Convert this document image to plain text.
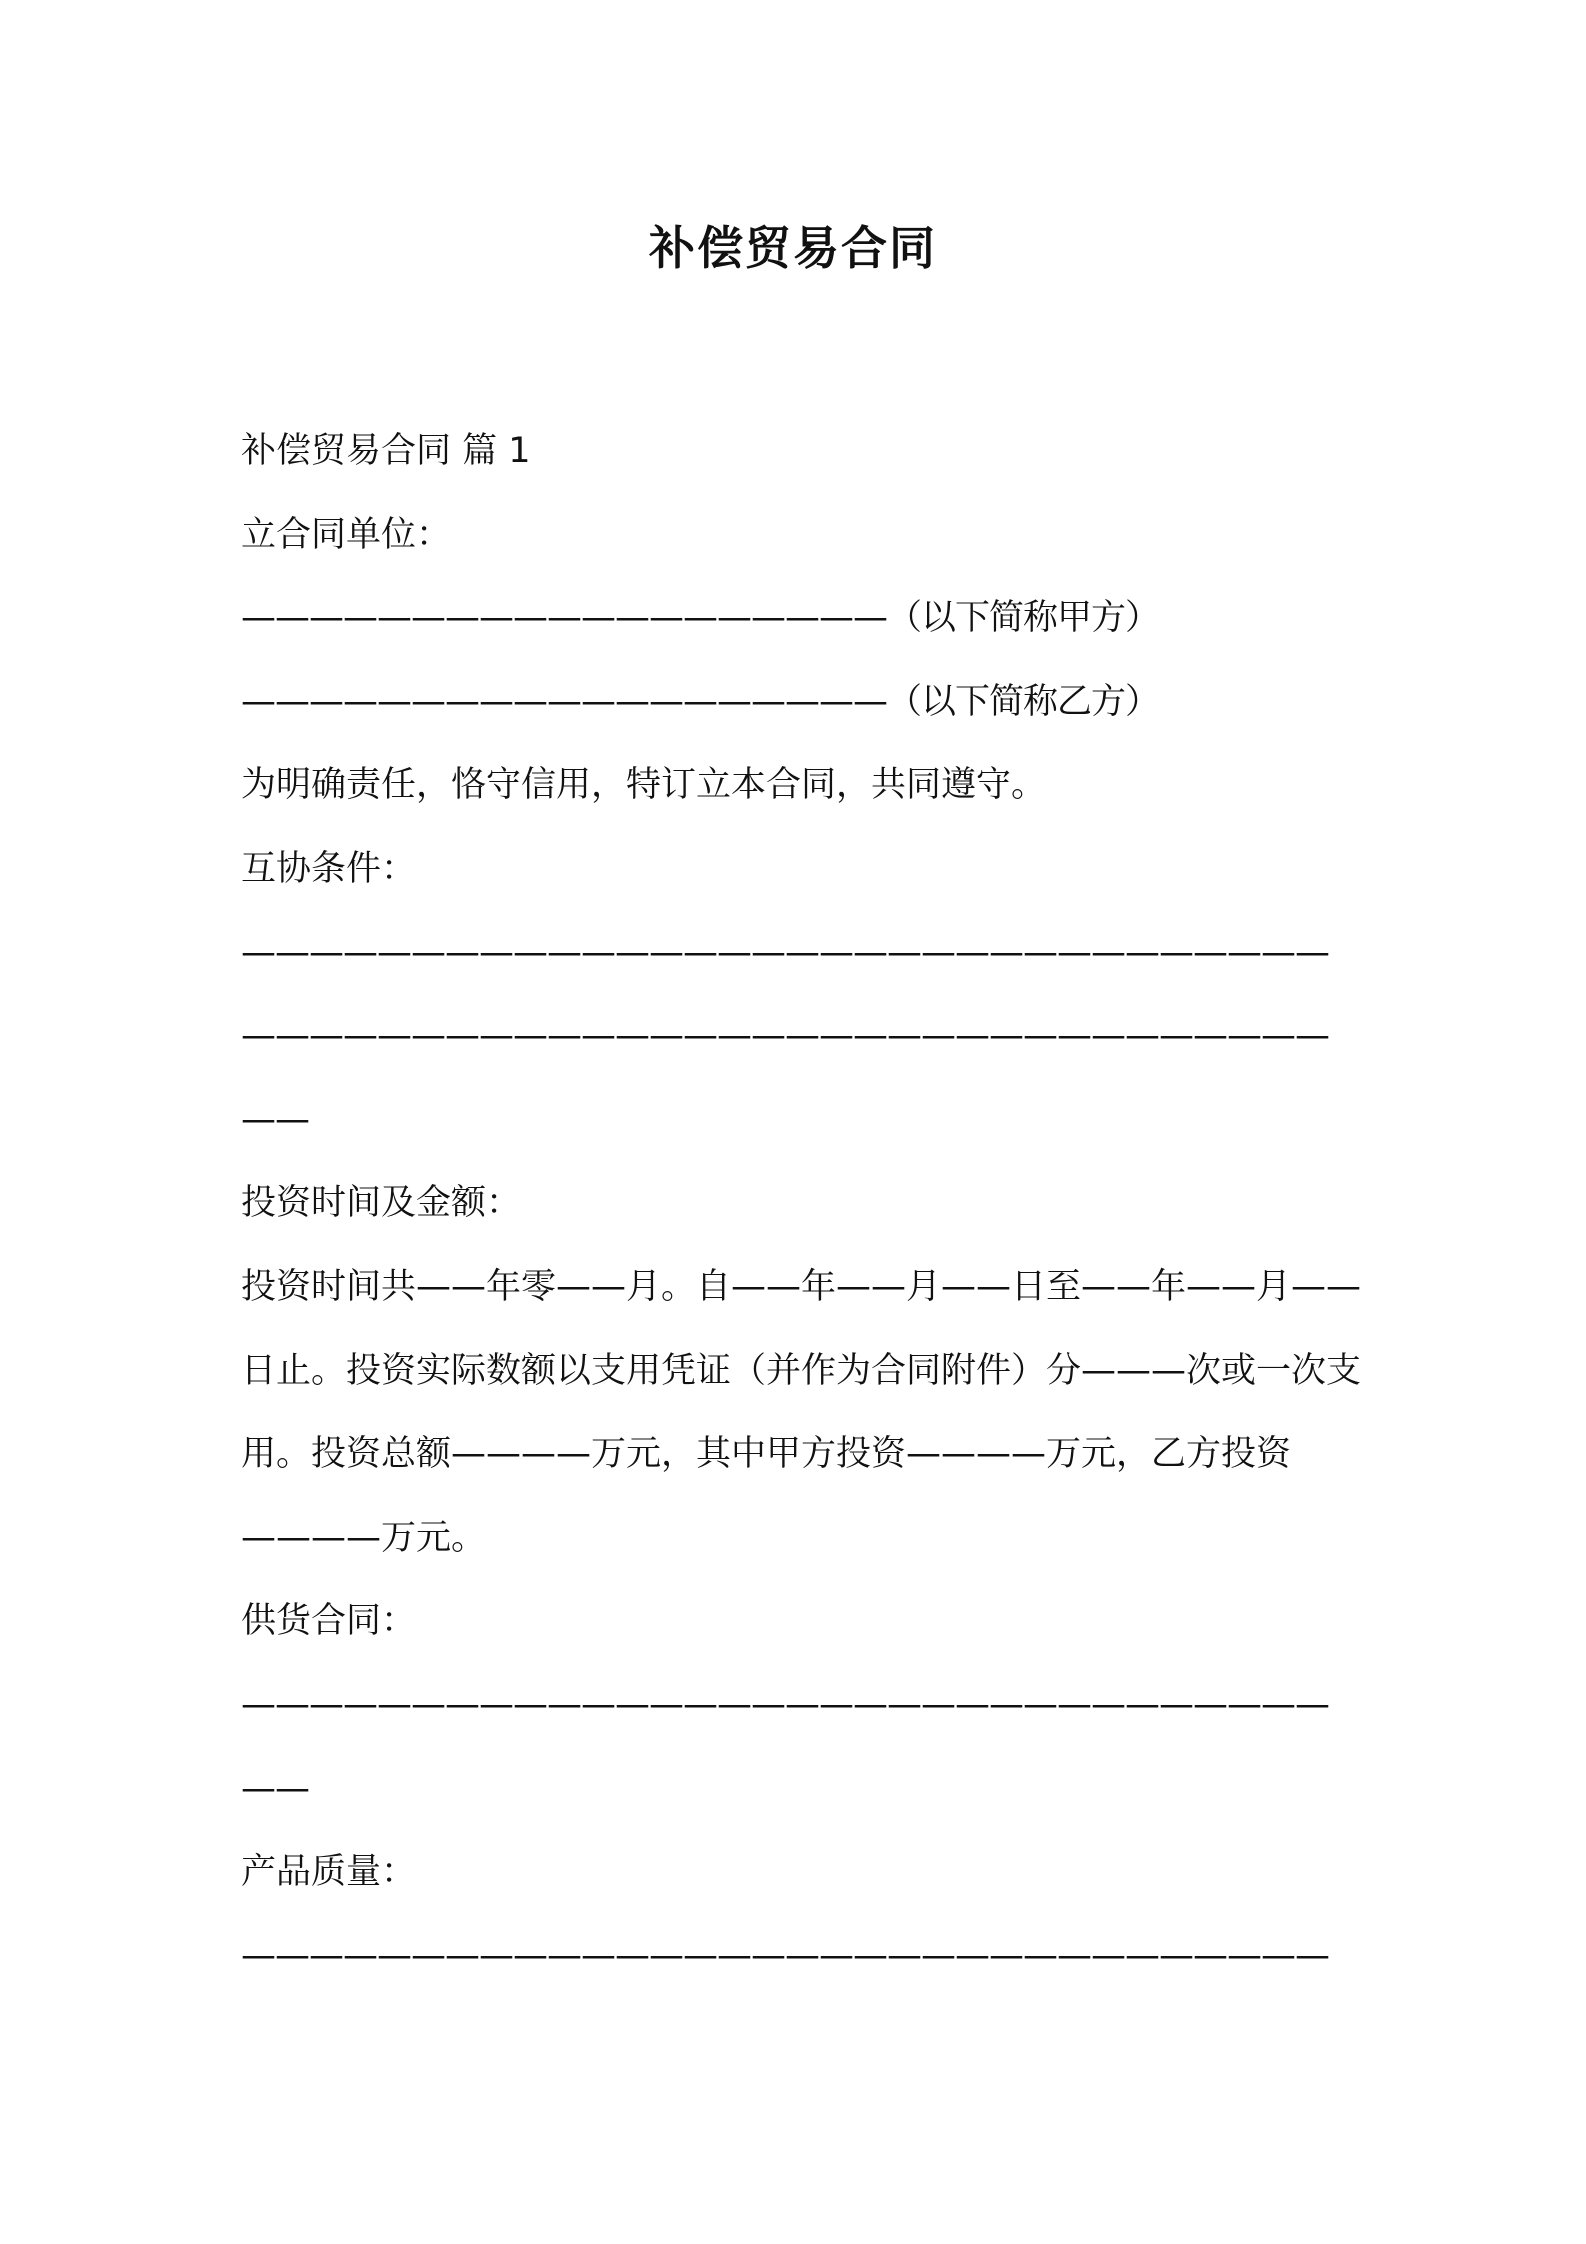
补偿贸易合同

补偿贸易合同 篇 1

立合同单位：

———————————————————（以下简称甲方）

———————————————————（以下简称乙方）

为明确责任，恪守信用，特订立本合同，共同遵守。

互协条件：

————————————————————————————————

————————————————————————————————

——

投资时间及金额：

投资时间共——年零——月。自——年——月——日至——年——月——日止。投资实际数额以支用凭证（并作为合同附件）分———次或一次支用。投资总额————万元，其中甲方投资————万元，乙方投资————万元。

供货合同：

————————————————————————————————

——

产品质量：

————————————————————————————————
